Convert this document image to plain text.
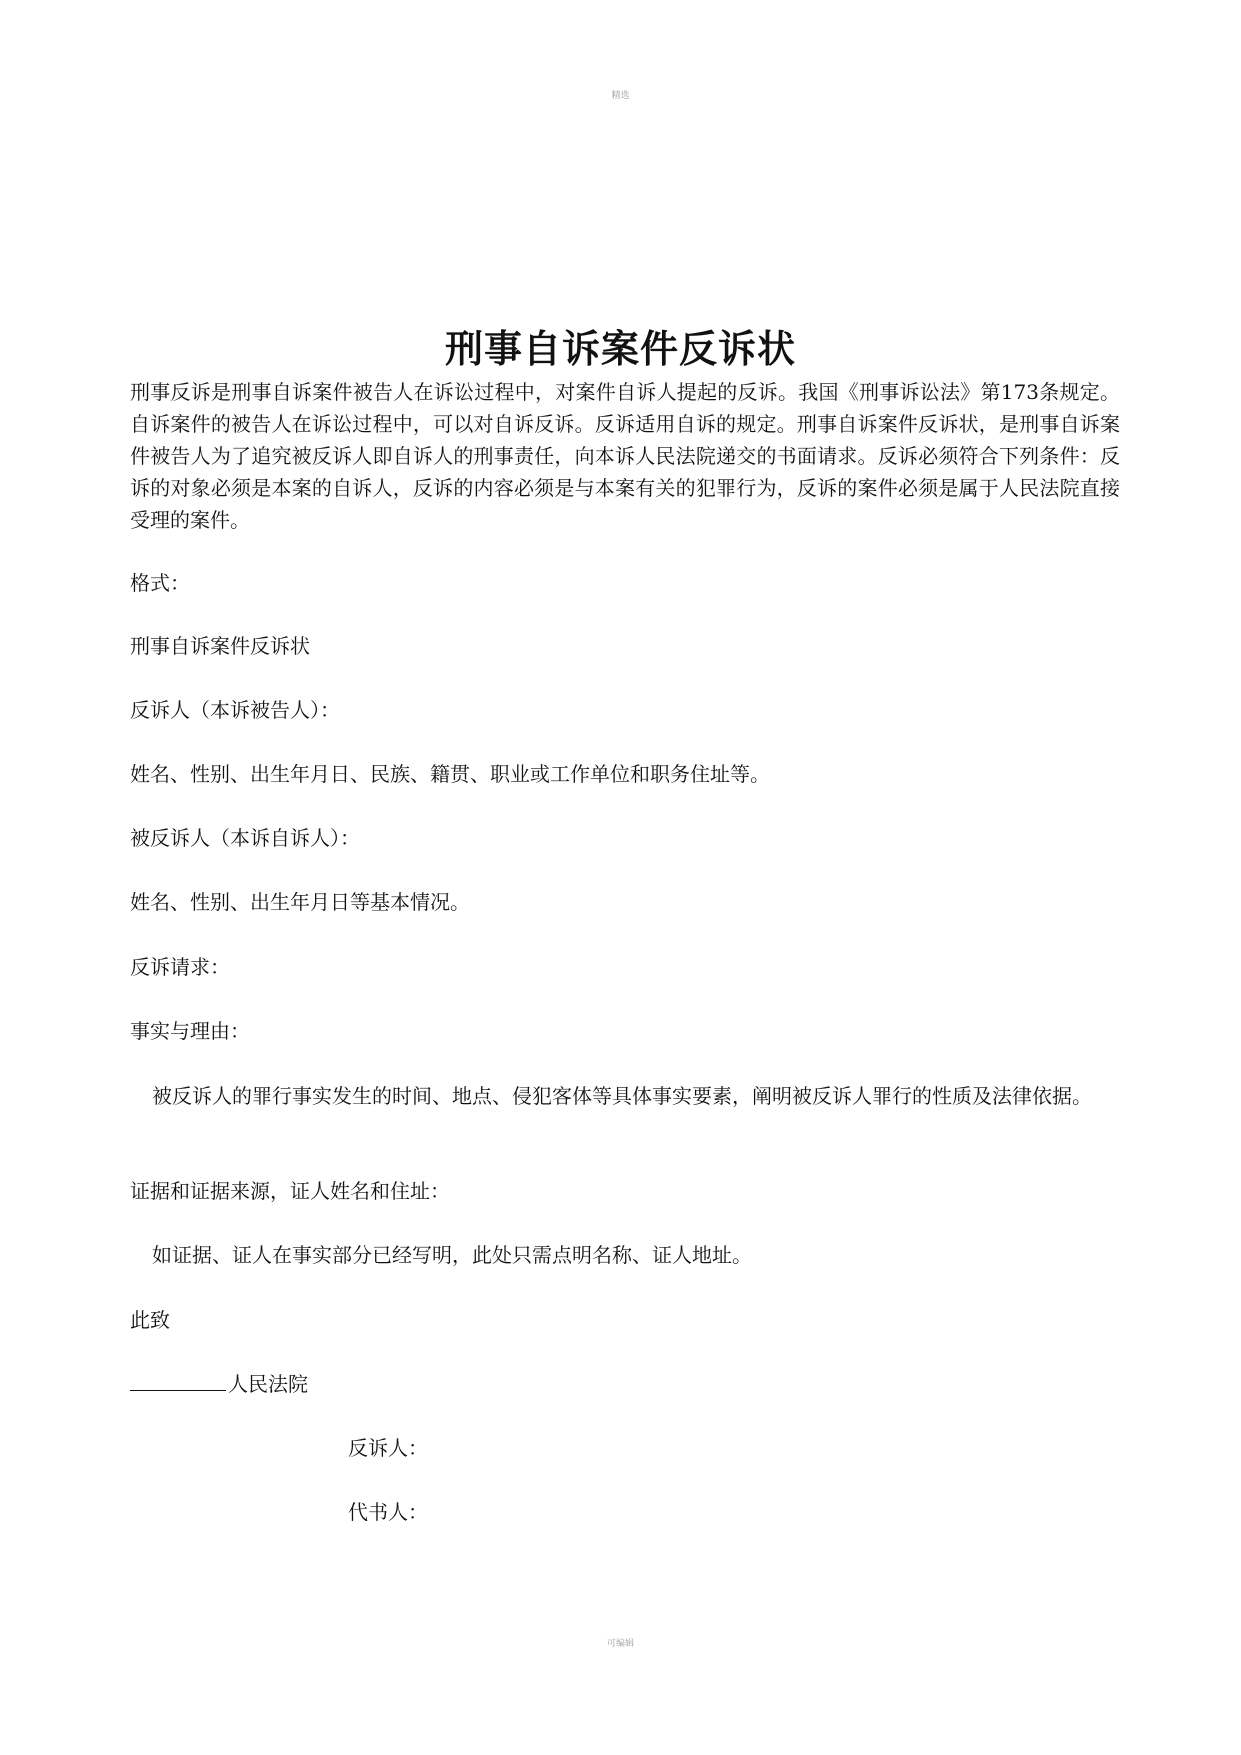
精选
刑事自诉案件反诉状

刑事反诉是刑事自诉案件被告人在诉讼过程中，对案件自诉人提起的反诉。我国《刑事诉讼法》第173条规定。自诉案件的被告人在诉讼过程中，可以对自诉反诉。反诉适用自诉的规定。刑事自诉案件反诉状，是刑事自诉案件被告人为了追究被反诉人即自诉人的刑事责任，向本诉人民法院递交的书面请求。反诉必须符合下列条件：反诉的对象必须是本案的自诉人，反诉的内容必须是与本案有关的犯罪行为，反诉的案件必须是属于人民法院直接受理的案件。

格式：
刑事自诉案件反诉状
反诉人（本诉被告人）：
姓名、性别、出生年月日、民族、籍贯、职业或工作单位和职务住址等。
被反诉人（本诉自诉人）：
姓名、性别、出生年月日等基本情况。
反诉请求：
事实与理由：
被反诉人的罪行事实发生的时间、地点、侵犯客体等具体事实要素，阐明被反诉人罪行的性质及法律依据。
证据和证据来源，证人姓名和住址：
如证据、证人在事实部分已经写明，此处只需点明名称、证人地址。
此致
人民法院
反诉人：
代书人：
可编辑
